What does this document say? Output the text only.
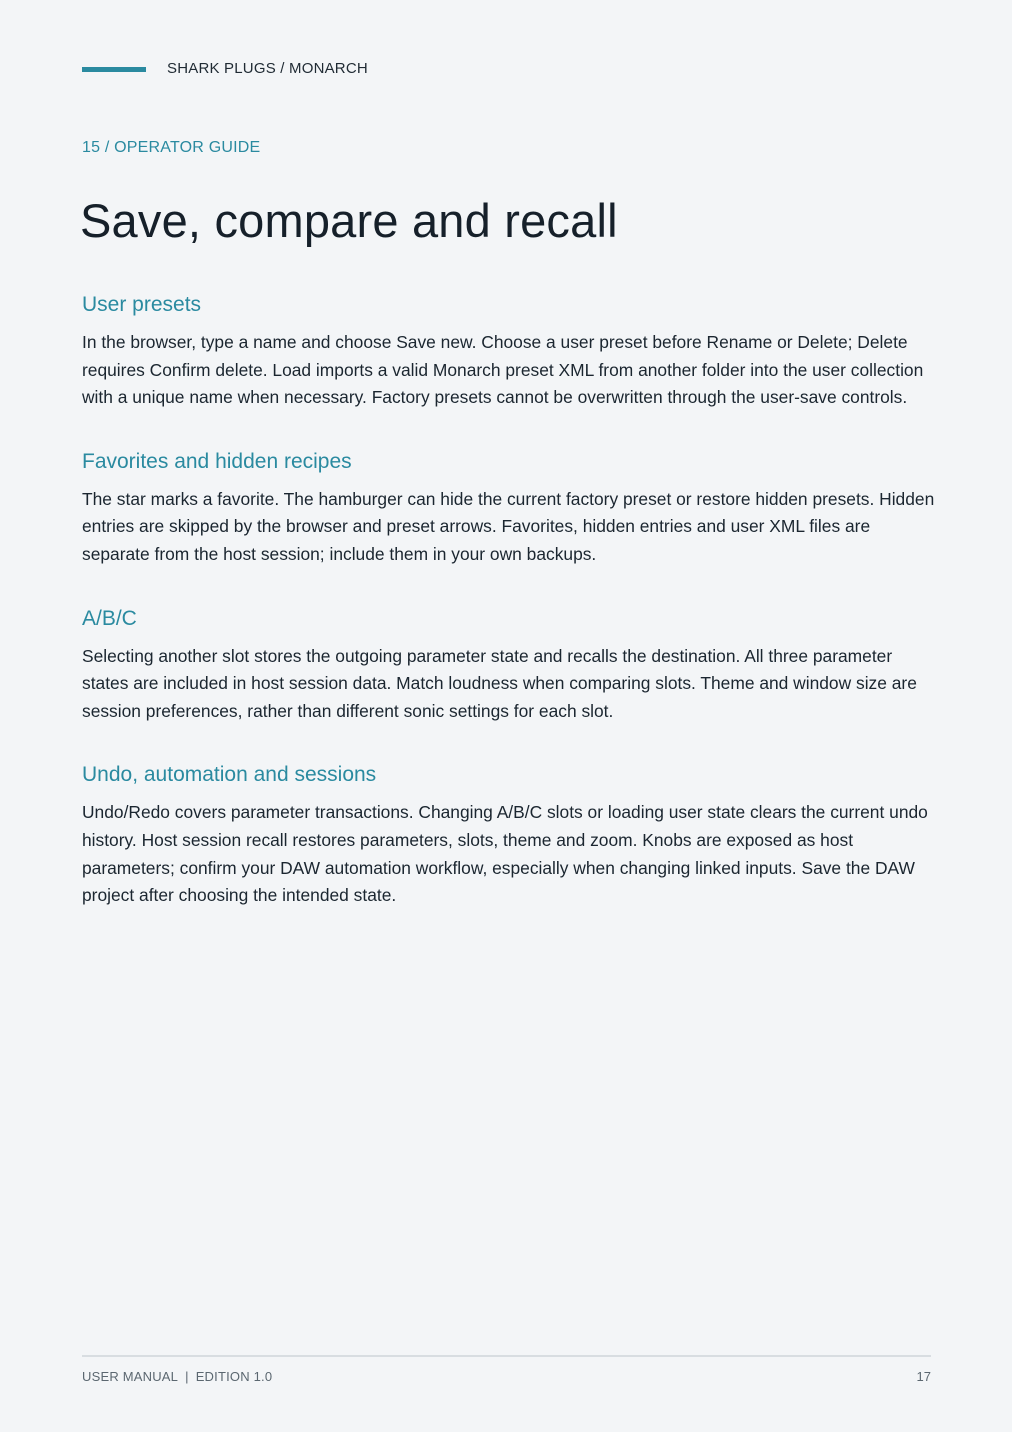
SHARK PLUGS / MONARCH
15 / OPERATOR GUIDE
Save, compare and recall
User presets

In the browser, type a name and choose Save new. Choose a user preset before Rename or Delete; Delete requires Confirm delete. Load imports a valid Monarch preset XML from another folder into the user collection with a unique name when necessary. Factory presets cannot be overwritten through the user-save controls.

Favorites and hidden recipes

The star marks a favorite. The hamburger can hide the current factory preset or restore hidden presets. Hidden entries are skipped by the browser and preset arrows. Favorites, hidden entries and user XML files are separate from the host session; include them in your own backups.

A/B/C

Selecting another slot stores the outgoing parameter state and recalls the destination. All three parameter states are included in host session data. Match loudness when comparing slots. Theme and window size are session preferences, rather than different sonic settings for each slot.

Undo, automation and sessions

Undo/Redo covers parameter transactions. Changing A/B/C slots or loading user state clears the current undo history. Host session recall restores parameters, slots, theme and zoom. Knobs are exposed as host parameters; confirm your DAW automation workflow, especially when changing linked inputs. Save the DAW project after choosing the intended state.

USER MANUAL | EDITION 1.0	17
